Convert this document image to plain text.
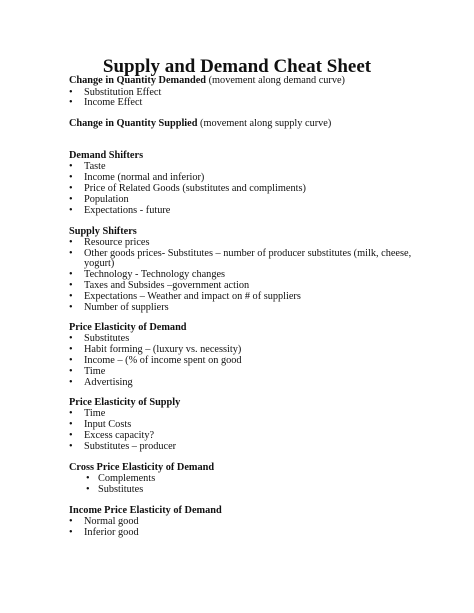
Supply and Demand Cheat Sheet
Change in Quantity Demanded (movement along demand curve)
•	Substitution Effect
•	Income Effect
Change in Quantity Supplied (movement along supply curve)
Demand Shifters
•	Taste
•	Income (normal and inferior)
•	Price of Related Goods (substitutes and compliments)
•	Population
•	Expectations - future
Supply Shifters
•	Resource prices
•	Other goods prices- Substitutes – number of producer substitutes (milk, cheese,
yogurt)
•	Technology - Technology changes
•	Taxes and Subsides –government action
•	Expectations – Weather and impact on # of suppliers
•	Number of suppliers
Price Elasticity of Demand
•	Substitutes
•	Habit forming – (luxury vs. necessity)
•	Income – (% of income spent on good
•	Time
•	Advertising
Price Elasticity of Supply
•	Time
•	Input Costs
•	Excess capacity?
•	Substitutes – producer
Cross Price Elasticity of Demand
• Complements
• Substitutes
Income Price Elasticity of Demand
•	Normal good
•	Inferior good
